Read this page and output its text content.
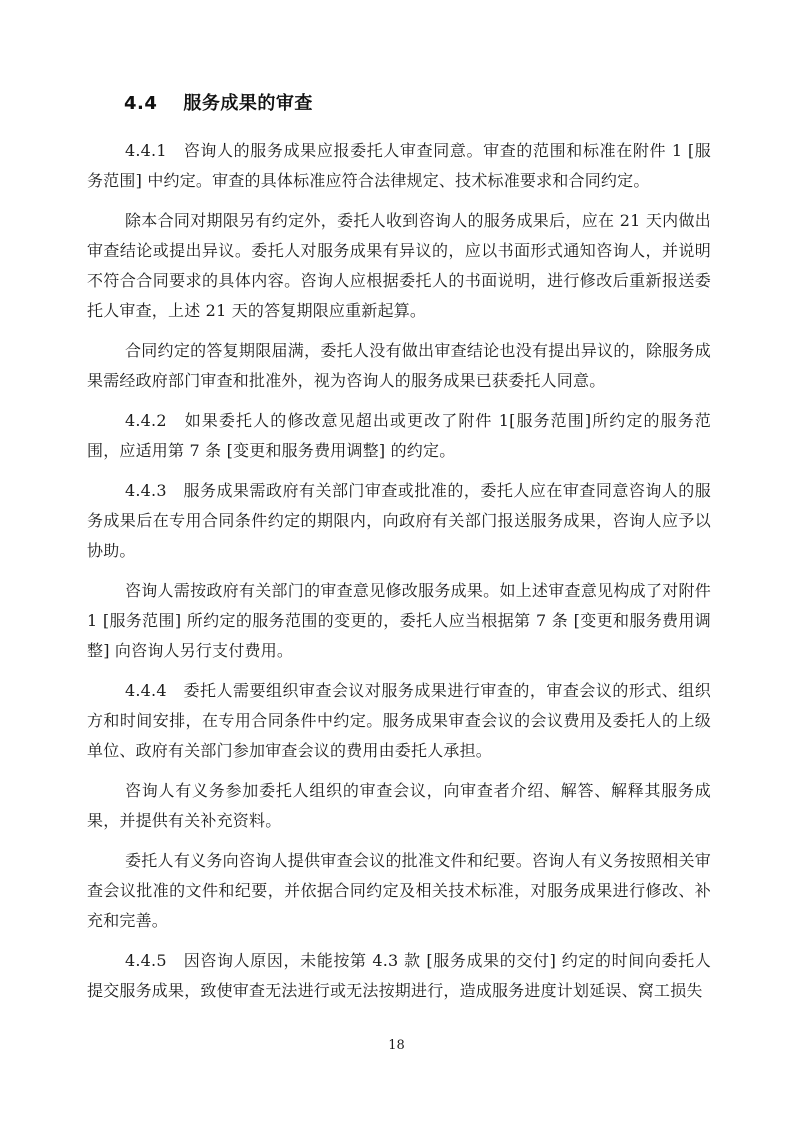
4.4 服务成果的审查

4.4.1　咨询人的服务成果应报委托人审查同意。审查的范围和标准在附件 1 [服务范围] 中约定。审查的具体标准应符合法律规定、技术标准要求和合同约定。

除本合同对期限另有约定外，委托人收到咨询人的服务成果后，应在 21 天内做出审查结论或提出异议。委托人对服务成果有异议的，应以书面形式通知咨询人，并说明不符合合同要求的具体内容。咨询人应根据委托人的书面说明，进行修改后重新报送委托人审查，上述 21 天的答复期限应重新起算。

合同约定的答复期限届满，委托人没有做出审查结论也没有提出异议的，除服务成果需经政府部门审查和批准外，视为咨询人的服务成果已获委托人同意。

4.4.2　如果委托人的修改意见超出或更改了附件 1[服务范围]所约定的服务范围，应适用第 7 条 [变更和服务费用调整] 的约定。

4.4.3　服务成果需政府有关部门审查或批准的，委托人应在审查同意咨询人的服务成果后在专用合同条件约定的期限内，向政府有关部门报送服务成果，咨询人应予以协助。

咨询人需按政府有关部门的审查意见修改服务成果。如上述审查意见构成了对附件 1 [服务范围] 所约定的服务范围的变更的，委托人应当根据第 7 条 [变更和服务费用调整] 向咨询人另行支付费用。

4.4.4　委托人需要组织审查会议对服务成果进行审查的，审查会议的形式、组织方和时间安排，在专用合同条件中约定。服务成果审查会议的会议费用及委托人的上级单位、政府有关部门参加审查会议的费用由委托人承担。

咨询人有义务参加委托人组织的审查会议，向审查者介绍、解答、解释其服务成果，并提供有关补充资料。

委托人有义务向咨询人提供审查会议的批准文件和纪要。咨询人有义务按照相关审查会议批准的文件和纪要，并依据合同约定及相关技术标准，对服务成果进行修改、补充和完善。

4.4.5　因咨询人原因，未能按第 4.3 款 [服务成果的交付] 约定的时间向委托人提交服务成果，致使审查无法进行或无法按期进行，造成服务进度计划延误、窝工损失

18
